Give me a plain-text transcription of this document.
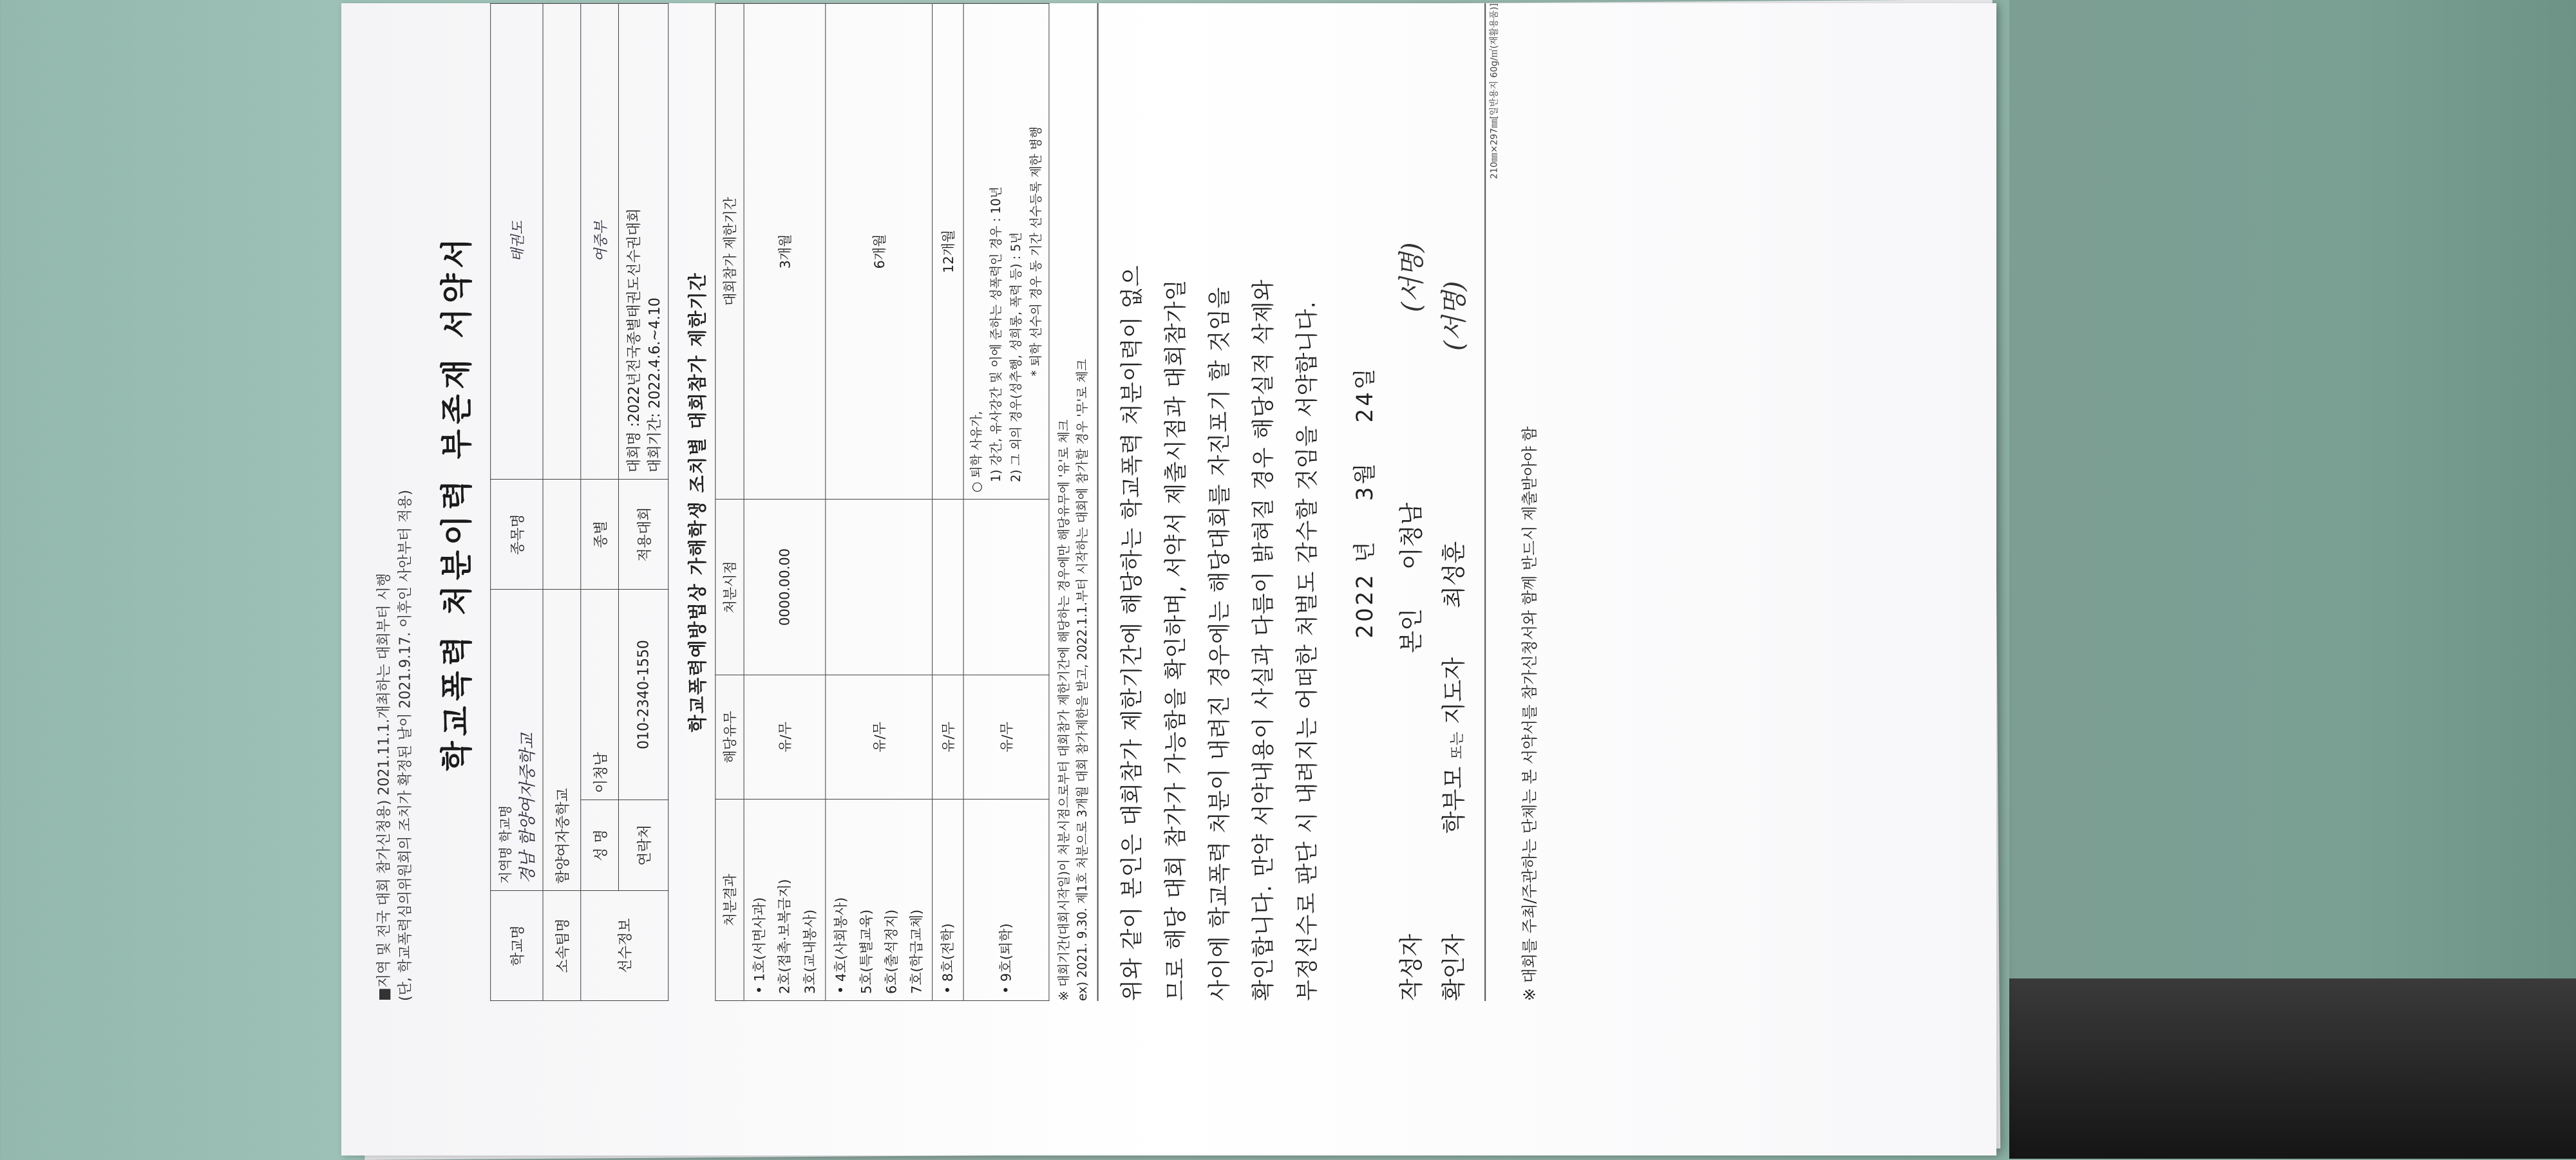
■지역 및 전국 대회 참가신청용) 2021.11.1.개최하는 대회부터 시행 (단, 학교폭력심의위원회의 조치가 확정된 날이 2021.9.17. 이후인 사안부터 적용) 학교폭력 처분이력 부존재 서약서
학교명	지역명 학교명 경남 함양여자중학교		종목명	태권도
소속팀명	함양여자중학교			
선수정보	성 명	이청남	종별	여중부
	연락처	010-2340-1550	적용대회	대회명 :2022년전국종별태권도선수권대회 대회기간: 2022.4.6.~4.10 학교폭력예방법상 가해학생 조치별 대회참가 제한기간
처분결과	해당유무	처분시점	대회참가 제한기간

• 1호(서면사과) 2호(접촉·보복금지) 3호(교내봉사)	유/무	0000.00.00	3개월

• 4호(사회봉사) 5호(특별교육) 6호(출석정지) 7호(학급교체)	유/무		6개월

• 8호(전학)	유/무		12개월

• 9호(퇴학)	유/무		○ 퇴학 사유가, 1) 강간, 유사강간 및 이에 준하는 성폭력인 경우 : 10년 2) 그 외의 경우(성추행, 성희롱, 폭력 등) : 5년 * 퇴학 선수의 경우 동 기간 선수등록 제한 병행
※ 대회기간(대회시작일)이 처분시점으로부터 대회참가 제한기간에 해당하는 경우에만 해당유무에 '유'로 체크 ex) 2021. 9.30. 제1호 처분으로 3개월 대회 참가제한을 받고, 2022.1.1.부터 시작하는 대회에 참가할 경우 '무'로 체크	위와 같이 본인은 대회참가 제한기간에 해당하는 학교폭력 처분이력이 없으 므로 해당 대회 참가가 가능함을 확인하며, 서약서 제출시점과 대회참가일 사이에 학교폭력 처분이 내려진 경우에는 해당대회를 자진포기 할 것임을 확인합니다. 만약 서약내용이 사실과 다름이 밝혀질 경우 해당실적 삭제와 부정선수로 판단 시 내려지는 어떠한 처벌도 감수할 것임을 서약합니다.	2022 년    3월    24일
작성자
본인
이청남
(서명)
확인자
학부모 또는 지도자
최성훈
(서명)
210㎜×297㎜[일반용지 60g/㎡(재활용품)]
※ 대회를 주최/주관하는 단체는 본 서약서를 참가신청서와 함께 반드시 제출받아야 함
